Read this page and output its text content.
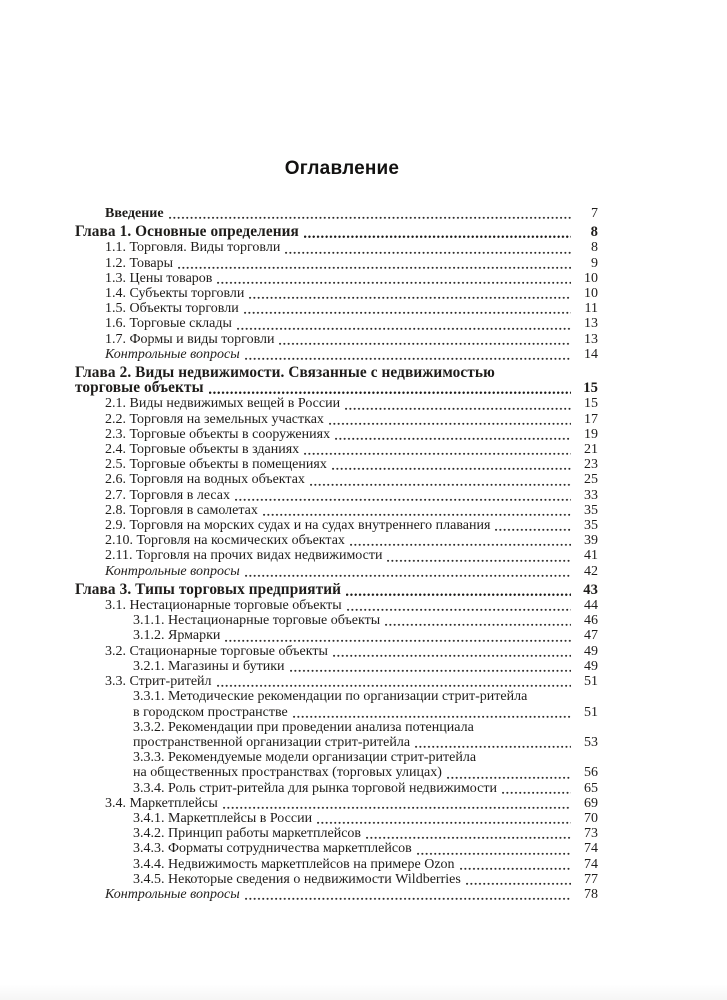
Оглавление
Введение	7
Глава 1. Основные определения	8
1.1. Торговля. Виды торговли	8
1.2. Товары	9
1.3. Цены товаров	10
1.4. Субъекты торговли	10
1.5. Объекты торговли	11
1.6. Торговые склады	13
1.7. Формы и виды торговли	13
Контрольные вопросы	14
Глава 2. Виды недвижимости. Связанные с недвижимостью
торговые объекты	15
2.1. Виды недвижимых вещей в России	15
2.2. Торговля на земельных участках	17
2.3. Торговые объекты в сооружениях	19
2.4. Торговые объекты в зданиях	21
2.5. Торговые объекты в помещениях	23
2.6. Торговля на водных объектах	25
2.7. Торговля в лесах	33
2.8. Торговля в самолетах	35
2.9. Торговля на морских судах и на судах внутреннего плавания	35
2.10. Торговля на космических объектах	39
2.11. Торговля на прочих видах недвижимости	41
Контрольные вопросы	42
Глава 3. Типы торговых предприятий	43
3.1. Нестационарные торговые объекты	44
3.1.1. Нестационарные торговые объекты	46
3.1.2. Ярмарки	47
3.2. Стационарные торговые объекты	49
3.2.1. Магазины и бутики	49
3.3. Стрит-ритейл	51
3.3.1. Методические рекомендации по организации стрит-ритейла
в городском пространстве	51
3.3.2. Рекомендации при проведении анализа потенциала
пространственной организации стрит-ритейла	53
3.3.3. Рекомендуемые модели организации стрит-ритейла
на общественных пространствах (торговых улицах)	56
3.3.4. Роль стрит-ритейла для рынка торговой недвижимости	65
3.4. Маркетплейсы	69
3.4.1. Маркетплейсы в России	70
3.4.2. Принцип работы маркетплейсов	73
3.4.3. Форматы сотрудничества маркетплейсов	74
3.4.4. Недвижимость маркетплейсов на примере Ozon	74
3.4.5. Некоторые сведения о недвижимости Wildberries	77
Контрольные вопросы	78
